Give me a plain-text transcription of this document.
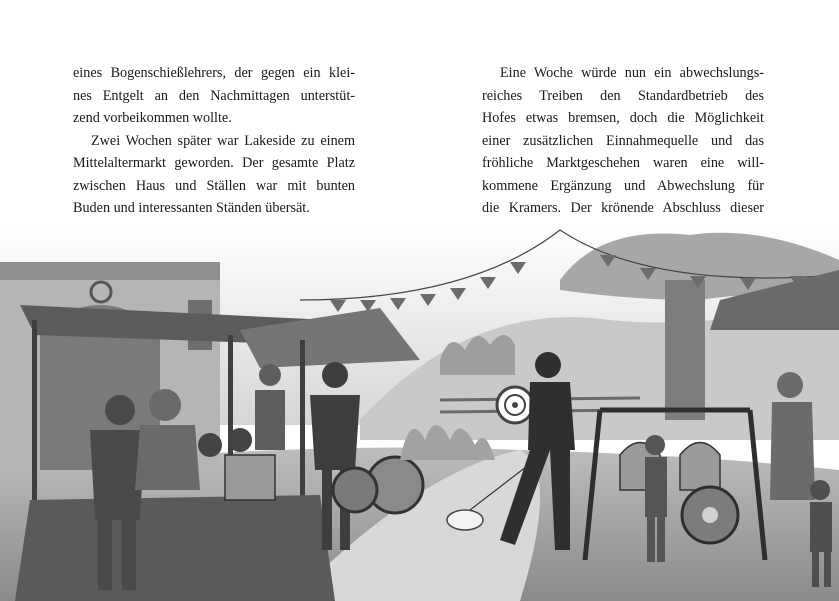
eines Bogenschießlehrers, der gegen ein klei-
nes Entgelt an den Nachmittagen unterstüt-
zend vorbeikommen wollte.

Zwei Wochen später war Lakeside zu einem
Mittelaltermarkt geworden. Der gesamte Platz
zwischen Haus und Ställen war mit bunten
Buden und interessanten Ständen übersät.

Eine Woche würde nun ein abwechslungs-
reiches Treiben den Standardbetrieb des
Hofes etwas bremsen, doch die Möglichkeit
einer zusätzlichen Einnahmequelle und das
fröhliche Marktgeschehen waren eine will-
kommene Ergänzung und Abwechslung für
die Kramers. Der krönende Abschluss dieser
